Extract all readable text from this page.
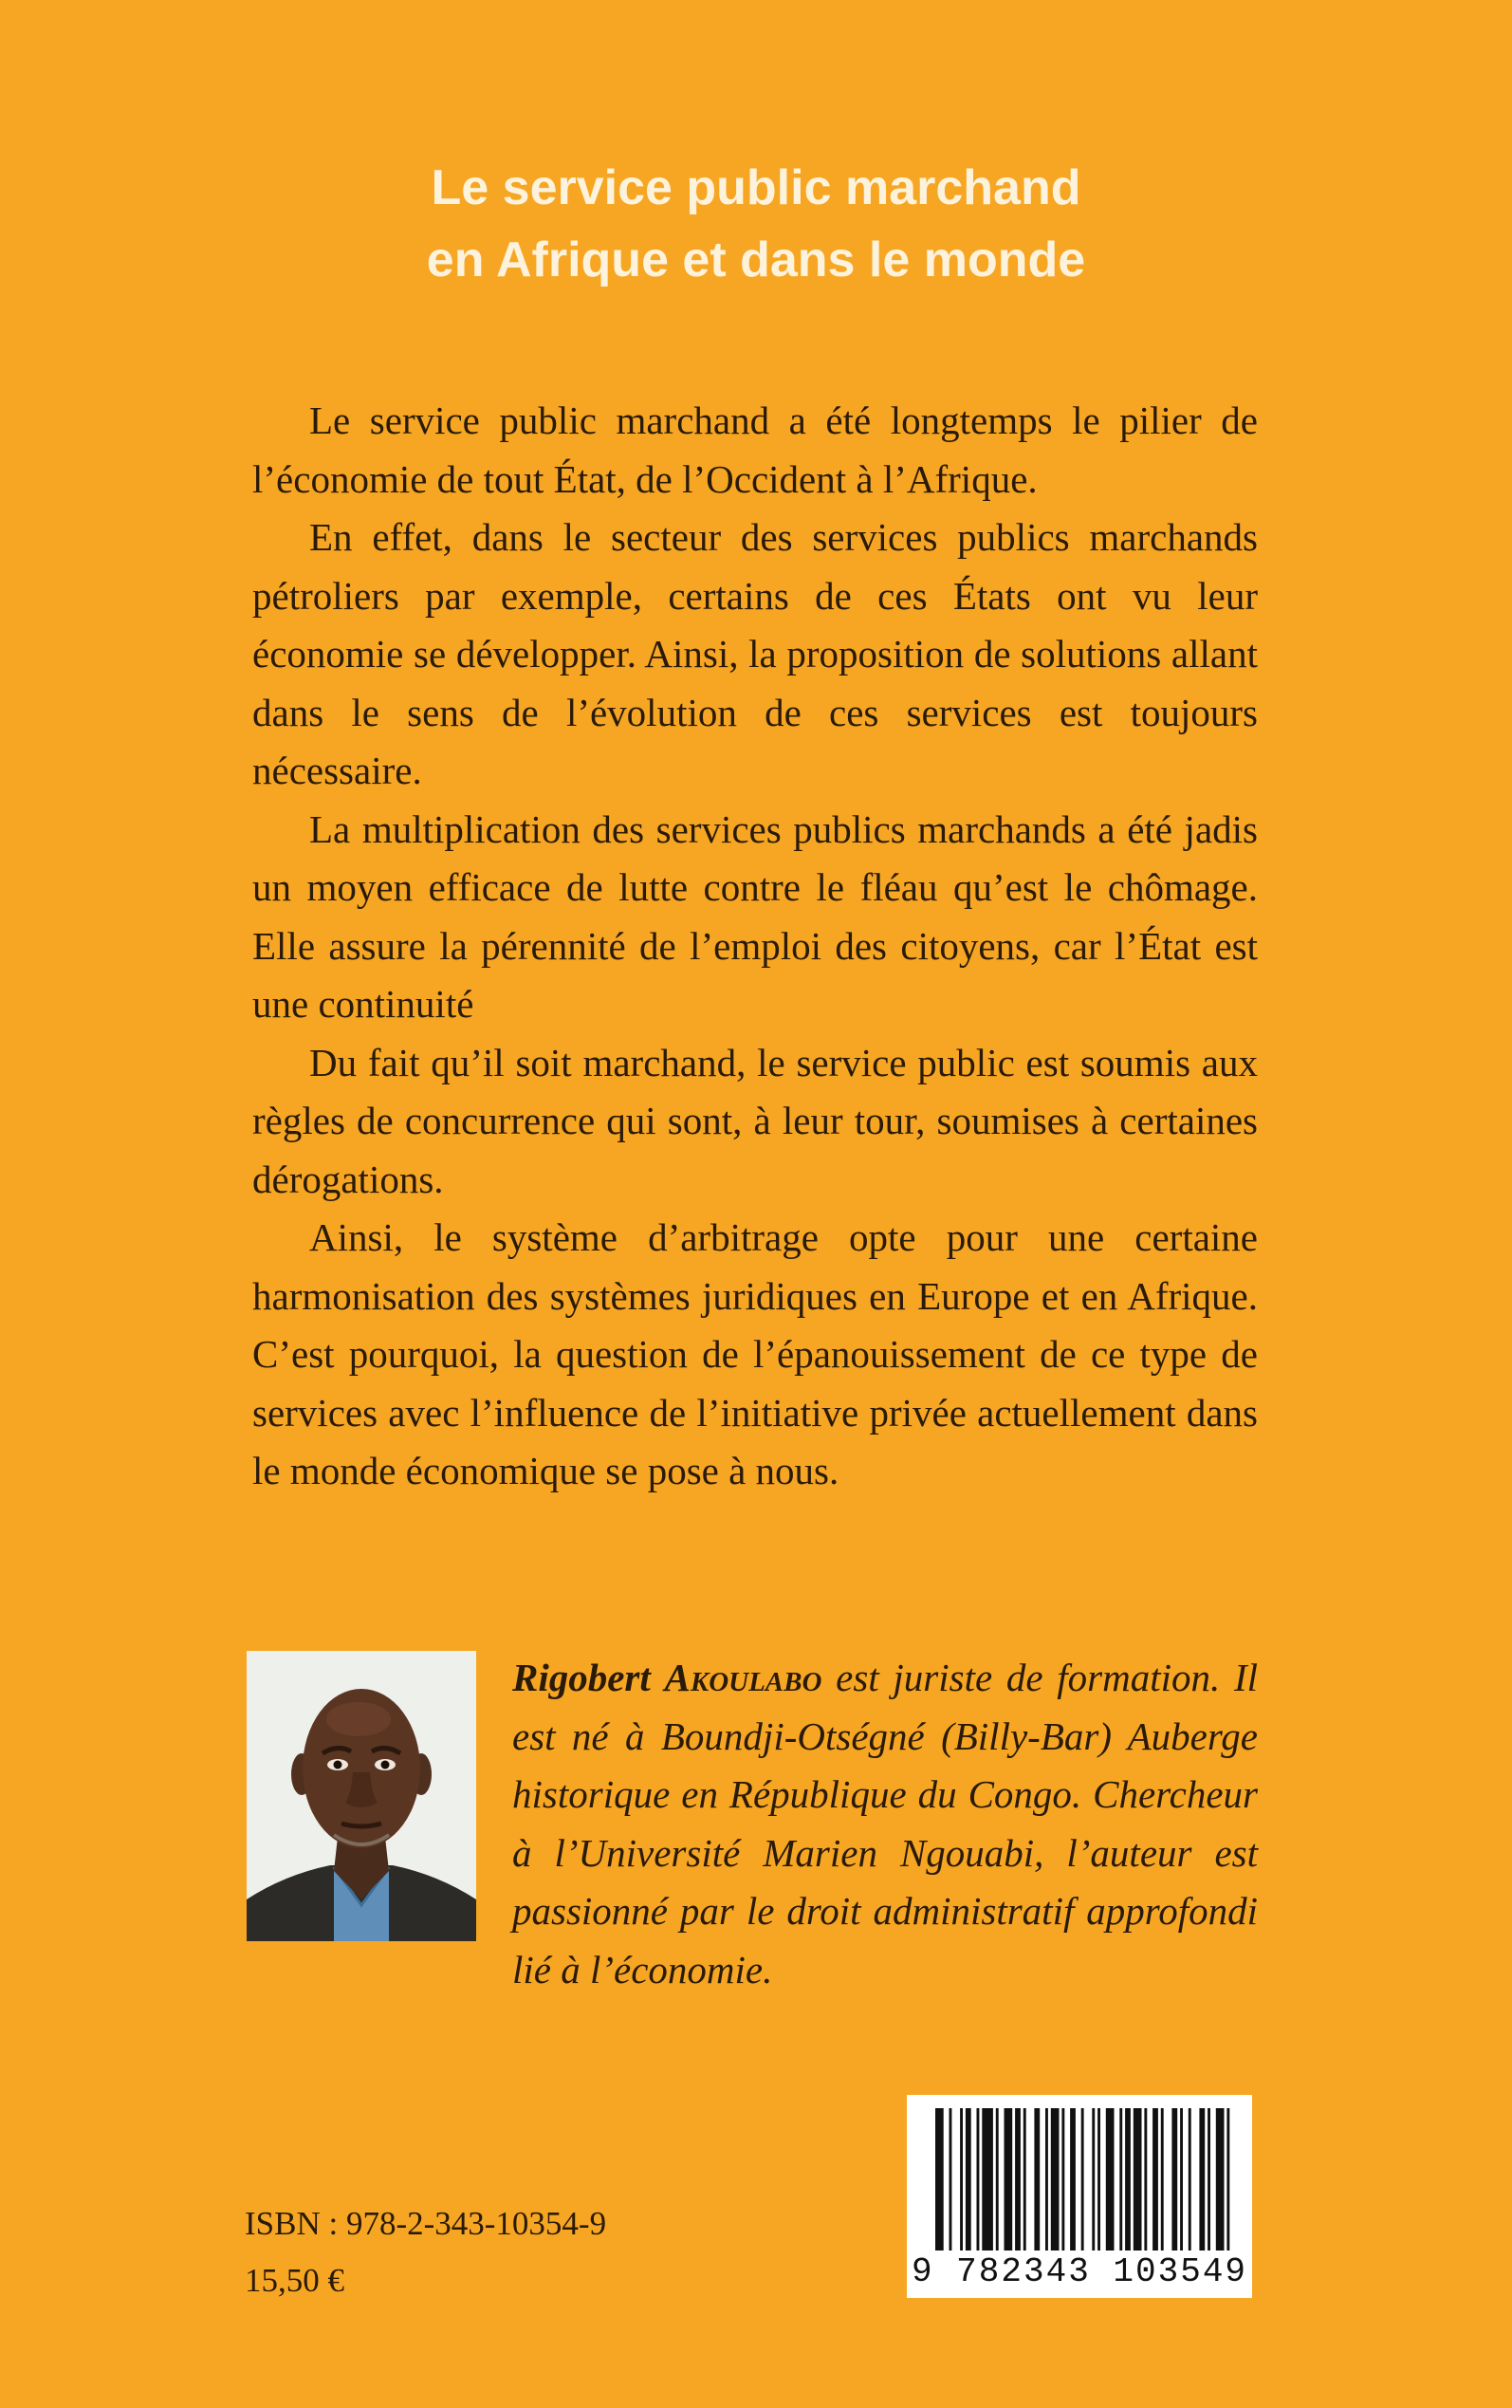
Le service public marchand
en Afrique et dans le monde

Le service public marchand a été longtemps le pilier de l’économie de tout État, de l’Occident à l’Afrique.

En effet, dans le secteur des services publics marchands pétroliers par exemple, certains de ces États ont vu leur économie se développer. Ainsi, la proposition de solutions allant dans le sens de l’évolution de ces services est toujours nécessaire.

La multiplication des services publics marchands a été jadis un moyen efficace de lutte contre le fléau qu’est le chômage. Elle assure la pérennité de l’emploi des citoyens, car l’État est une continuité

Du fait qu’il soit marchand, le service public est soumis aux règles de concurrence qui sont, à leur tour, soumises à certaines dérogations.

Ainsi, le système d’arbitrage opte pour une certaine harmonisation des systèmes juridiques en Europe et en Afrique. C’est pourquoi, la question de l’épanouissement de ce type de services avec l’influence de l’initiative privée actuellement dans le monde économique se pose à nous.

Rigobert Akoulabo est juriste de formation. Il est né à Boundji-Otségné (Billy-Bar) Auberge historique en République du Congo. Chercheur à l’Université Marien Ngouabi, l’auteur est passionné par le droit administratif approfondi lié à l’économie.
ISBN : 978-2-343-10354-9
15,50 €	9 782343 103549
